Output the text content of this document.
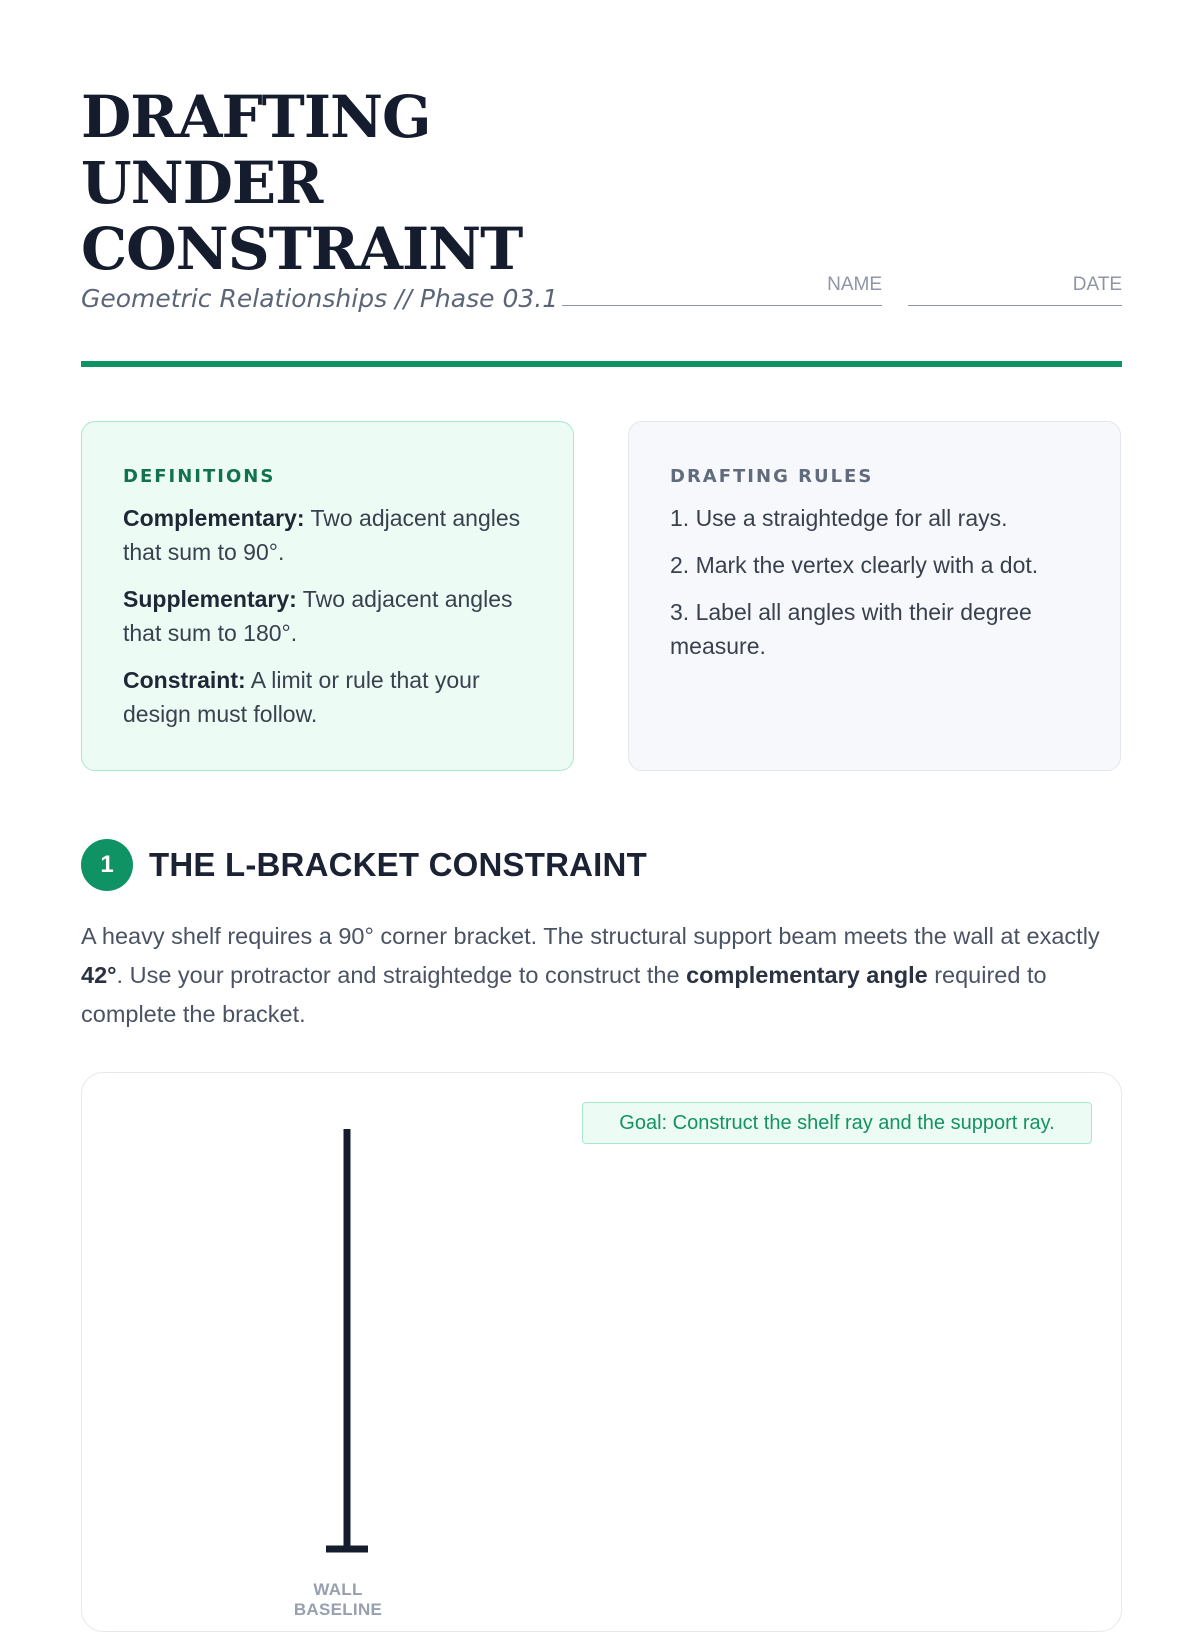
DRAFTING
UNDER
CONSTRAINT
Geometric Relationships // Phase 03.1	NAME	DATE
DEFINITIONS

Complementary: Two adjacent angles that sum to 90°.

Supplementary: Two adjacent angles that sum to 180°.

Constraint: A limit or rule that your design must follow.

DRAFTING RULES

1. Use a straightedge for all rays.

2. Mark the vertex clearly with a dot.

3. Label all angles with their degree measure.

1	THE L-BRACKET CONSTRAINT

A heavy shelf requires a 90° corner bracket. The structural support beam meets the wall at exactly 42°. Use your protractor and straightedge to construct the complementary angle required to complete the bracket.

Goal: Construct the shelf ray and the support ray.
WALL BASELINE
